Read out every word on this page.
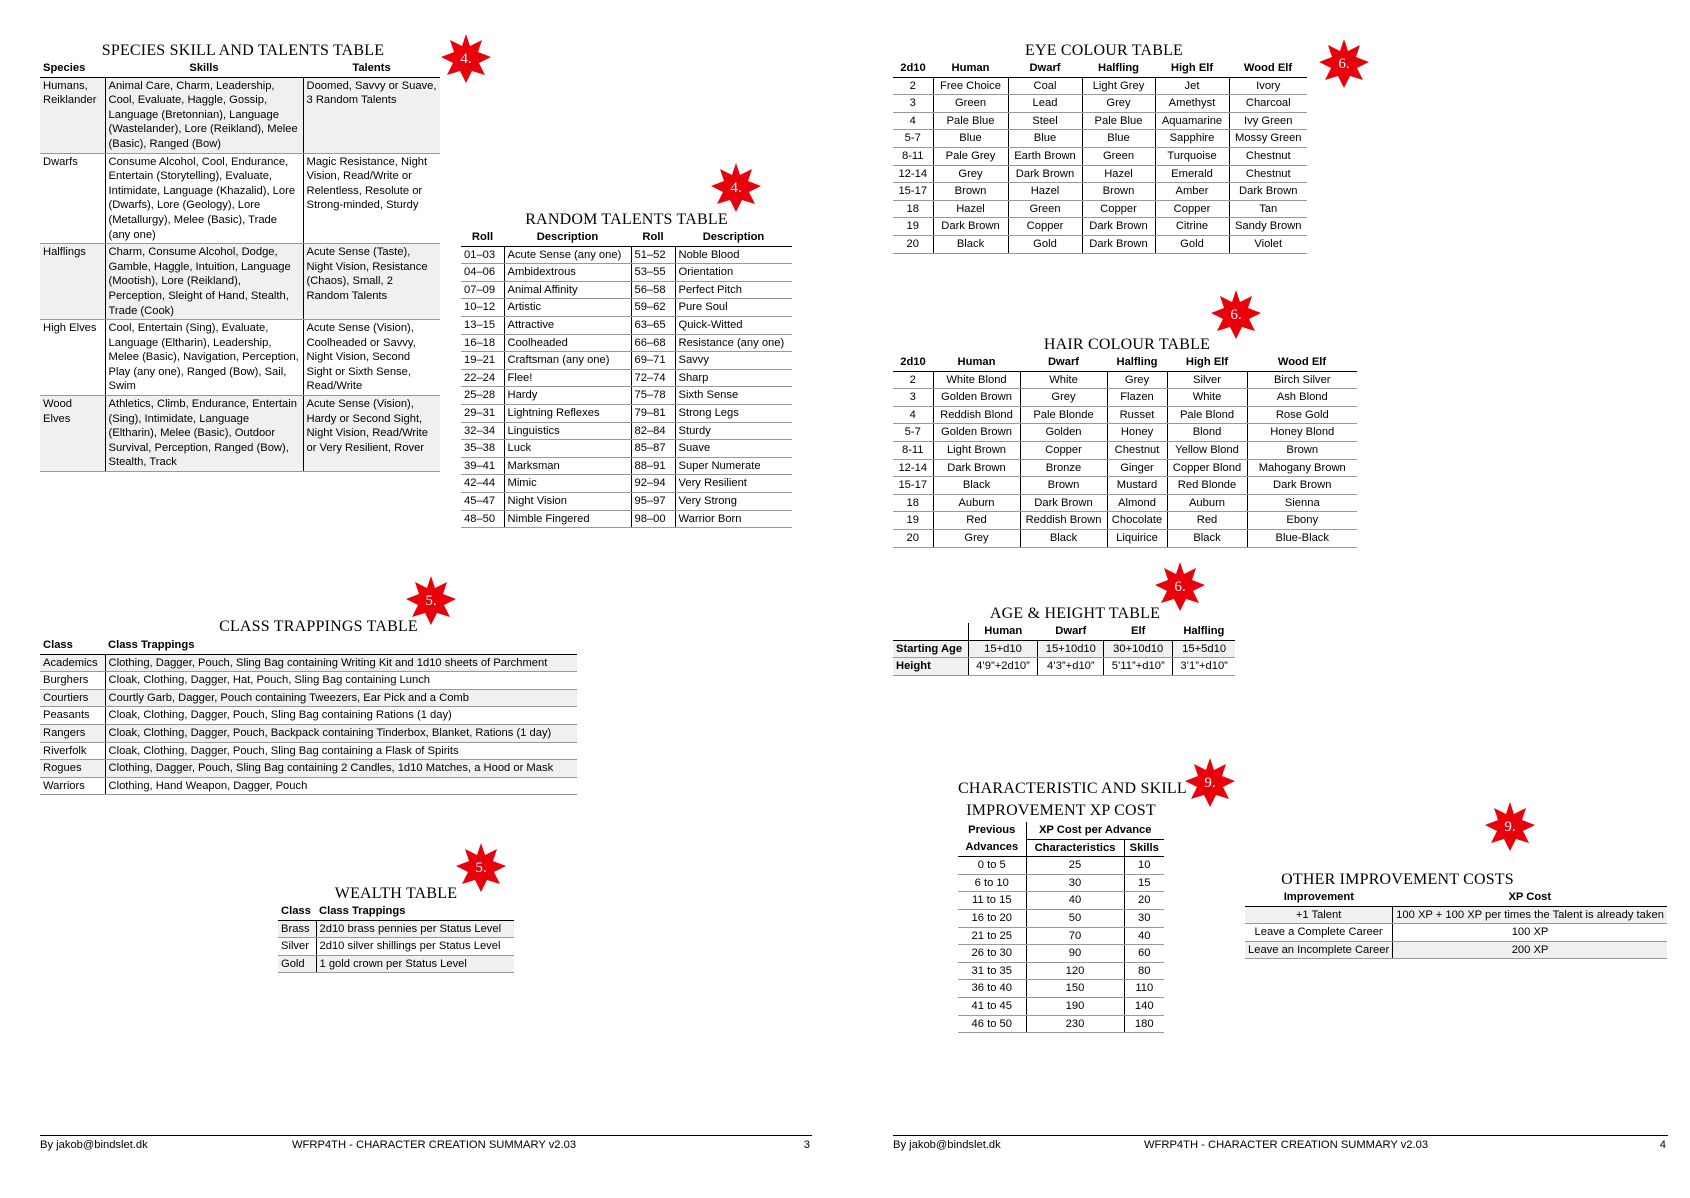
SPECIES SKILL AND TALENTS TABLE
Species	Skills	Talents
Humans, Reiklander	Animal Care, Charm, Leadership, Cool, Evaluate, Haggle, Gossip, Language (Bretonnian), Language (Wastelander), Lore (Reikland), Melee (Basic), Ranged (Bow)	Doomed, Savvy or Suave, 3 Random Talents
Dwarfs	Consume Alcohol, Cool, Endurance, Entertain (Storytelling), Evaluate, Intimidate, Language (Khazalid), Lore (Dwarfs), Lore (Geology), Lore (Metallurgy), Melee (Basic), Trade (any one)	Magic Resistance, Night Vision, Read/Write or Relentless, Resolute or Strong-minded, Sturdy
Halflings	Charm, Consume Alcohol, Dodge, Gamble, Haggle, Intuition, Language (Mootish), Lore (Reikland), Perception, Sleight of Hand, Stealth, Trade (Cook)	Acute Sense (Taste), Night Vision, Resistance (Chaos), Small, 2 Random Talents
High Elves	Cool, Entertain (Sing), Evaluate, Language (Eltharin), Leadership, Melee (Basic), Navigation, Perception, Play (any one), Ranged (Bow), Sail, Swim	Acute Sense (Vision), Coolheaded or Savvy, Night Vision, Second Sight or Sixth Sense, Read/Write
Wood Elves	Athletics, Climb, Endurance, Entertain (Sing), Intimidate, Language (Eltharin), Melee (Basic), Outdoor Survival, Perception, Ranged (Bow), Stealth, Track	Acute Sense (Vision), Hardy or Second Sight, Night Vision, Read/Write or Very Resilient, Rover
4.
RANDOM TALENTS TABLE
Roll	Description	Roll	Description
01–03	Acute Sense (any one)	51–52	Noble Blood
04–06	Ambidextrous	53–55	Orientation
07–09	Animal Affinity	56–58	Perfect Pitch
10–12	Artistic	59–62	Pure Soul
13–15	Attractive	63–65	Quick-Witted
16–18	Coolheaded	66–68	Resistance (any one)
19–21	Craftsman (any one)	69–71	Savvy
22–24	Flee!	72–74	Sharp
25–28	Hardy	75–78	Sixth Sense
29–31	Lightning Reflexes	79–81	Strong Legs
32–34	Linguistics	82–84	Sturdy
35–38	Luck	85–87	Suave
39–41	Marksman	88–91	Super Numerate
42–44	Mimic	92–94	Very Resilient
45–47	Night Vision	95–97	Very Strong
48–50	Nimble Fingered	98–00	Warrior Born
4.
CLASS TRAPPINGS TABLE
Class	Class Trappings
Academics	Clothing, Dagger, Pouch, Sling Bag containing Writing Kit and 1d10 sheets of Parchment
Burghers	Cloak, Clothing, Dagger, Hat, Pouch, Sling Bag containing Lunch
Courtiers	Courtly Garb, Dagger, Pouch containing Tweezers, Ear Pick and a Comb
Peasants	Cloak, Clothing, Dagger, Pouch, Sling Bag containing Rations (1 day)
Rangers	Cloak, Clothing, Dagger, Pouch, Backpack containing Tinderbox, Blanket, Rations (1 day)
Riverfolk	Cloak, Clothing, Dagger, Pouch, Sling Bag containing a Flask of Spirits
Rogues	Clothing, Dagger, Pouch, Sling Bag containing 2 Candles, 1d10 Matches, a Hood or Mask
Warriors	Clothing, Hand Weapon, Dagger, Pouch
5.
WEALTH TABLE
Class	Class Trappings
Brass	2d10 brass pennies per Status Level
Silver	2d10 silver shillings per Status Level
Gold	1 gold crown per Status Level
5.
EYE COLOUR TABLE
2d10	Human	Dwarf	Halfling	High Elf	Wood Elf
2	Free Choice	Coal	Light Grey	Jet	Ivory
3	Green	Lead	Grey	Amethyst	Charcoal
4	Pale Blue	Steel	Pale Blue	Aquamarine	Ivy Green
5-7	Blue	Blue	Blue	Sapphire	Mossy Green
8-11	Pale Grey	Earth Brown	Green	Turquoise	Chestnut
12-14	Grey	Dark Brown	Hazel	Emerald	Chestnut
15-17	Brown	Hazel	Brown	Amber	Dark Brown
18	Hazel	Green	Copper	Copper	Tan
19	Dark Brown	Copper	Dark Brown	Citrine	Sandy Brown
20	Black	Gold	Dark Brown	Gold	Violet
6.
HAIR COLOUR TABLE
2d10	Human	Dwarf	Halfling	High Elf	Wood Elf
2	White Blond	White	Grey	Silver	Birch Silver
3	Golden Brown	Grey	Flazen	White	Ash Blond
4	Reddish Blond	Pale Blonde	Russet	Pale Blond	Rose Gold
5-7	Golden Brown	Golden	Honey	Blond	Honey Blond
8-11	Light Brown	Copper	Chestnut	Yellow Blond	Brown
12-14	Dark Brown	Bronze	Ginger	Copper Blond	Mahogany Brown
15-17	Black	Brown	Mustard	Red Blonde	Dark Brown
18	Auburn	Dark Brown	Almond	Auburn	Sienna
19	Red	Reddish Brown	Chocolate	Red	Ebony
20	Grey	Black	Liquirice	Black	Blue-Black
6.
AGE & HEIGHT TABLE
	Human	Dwarf	Elf	Halfling
Starting Age	15+d10	15+10d10	30+10d10	15+5d10
Height	4’9”+2d10”	4’3”+d10”	5’11”+d10”	3’1”+d10”
6.
CHARACTERISTIC AND SKILL
IMPROVEMENT XP COST
Previous	XP Cost per Advance	
Advances	Characteristics	Skills
0 to 5	25	10
6 to 10	30	15
11 to 15	40	20
16 to 20	50	30
21 to 25	70	40
26 to 30	90	60
31 to 35	120	80
36 to 40	150	110
41 to 45	190	140
46 to 50	230	180
9.
OTHER IMPROVEMENT COSTS
Improvement	XP Cost
+1 Talent	100 XP + 100 XP per times the Talent is already taken
Leave a Complete Career	100 XP
Leave an Incomplete Career	200 XP
9.
By jakob@bindslet.dk	WFRP4TH - CHARACTER CREATION SUMMARY v2.03	3	By jakob@bindslet.dk	WFRP4TH - CHARACTER CREATION SUMMARY v2.03	4
